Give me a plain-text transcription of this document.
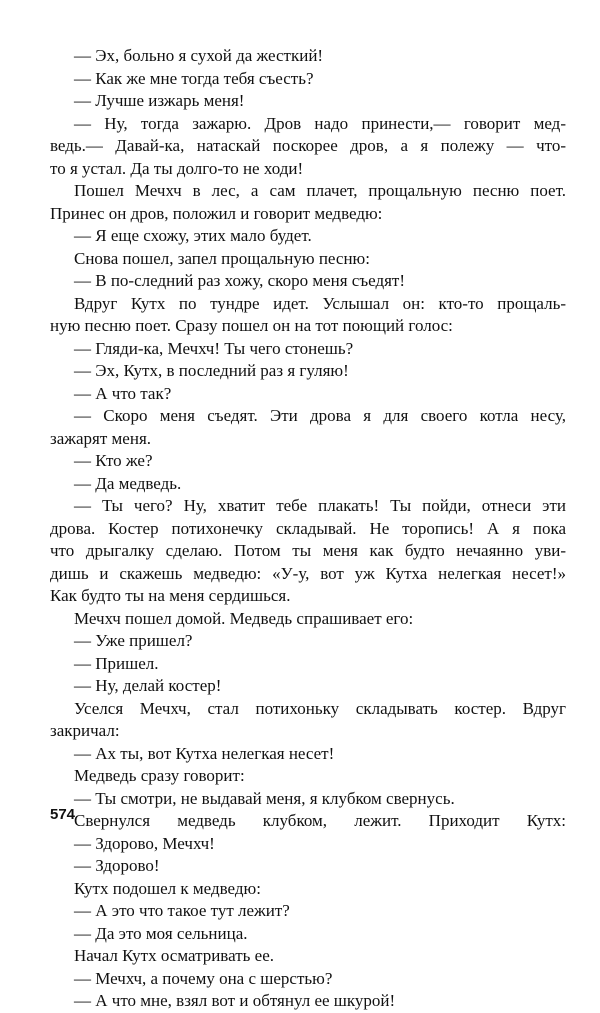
— Эх, больно я сухой да жесткий!
— Как же мне тогда тебя съесть?
— Лучше изжарь меня!
— Ну, тогда зажарю. Дров надо принести,— говорит мед-
ведь.— Давай-ка, натаскай поскорее дров, а я полежу — что-
то я устал. Да ты долго-то не ходи!
Пошел Мечхч в лес, а сам плачет, прощальную песню поет.
Принес он дров, положил и говорит медведю:
— Я еще схожу, этих мало будет.
Снова пошел, запел прощальную песню:
— В по-следний раз хожу, скоро меня съедят!
Вдруг Кутх по тундре идет. Услышал он: кто-то прощаль-
ную песню поет. Сразу пошел он на тот поющий голос:
— Гляди-ка, Мечхч! Ты чего стонешь?
— Эх, Кутх, в последний раз я гуляю!
— А что так?
— Скоро меня съедят. Эти дрова я для своего котла несу,
зажарят меня.
— Кто же?
— Да медведь.
— Ты чего? Ну, хватит тебе плакать! Ты пойди, отнеси эти
дрова. Костер потихонечку складывай. Не торопись! А я пока
что дрыгалку сделаю. Потом ты меня как будто нечаянно уви-
дишь и скажешь медведю: «У-у, вот уж Кутха нелегкая несет!»
Как будто ты на меня сердишься.
Мечхч пошел домой. Медведь спрашивает его:
— Уже пришел?
— Пришел.
— Ну, делай костер!
Уселся Мечхч, стал потихоньку складывать костер. Вдруг
закричал:
— Ах ты, вот Кутха нелегкая несет!
Медведь сразу говорит:
— Ты смотри, не выдавай меня, я клубком свернусь.
Свернулся медведь клубком, лежит. Приходит Кутх:
— Здорово, Мечхч!
— Здорово!
Кутх подошел к медведю:
— А это что такое тут лежит?
— Да это моя сельница.
Начал Кутх осматривать ее.
— Мечхч, а почему она с шерстью?
— А что мне, взял вот и обтянул ее шкурой!
574
